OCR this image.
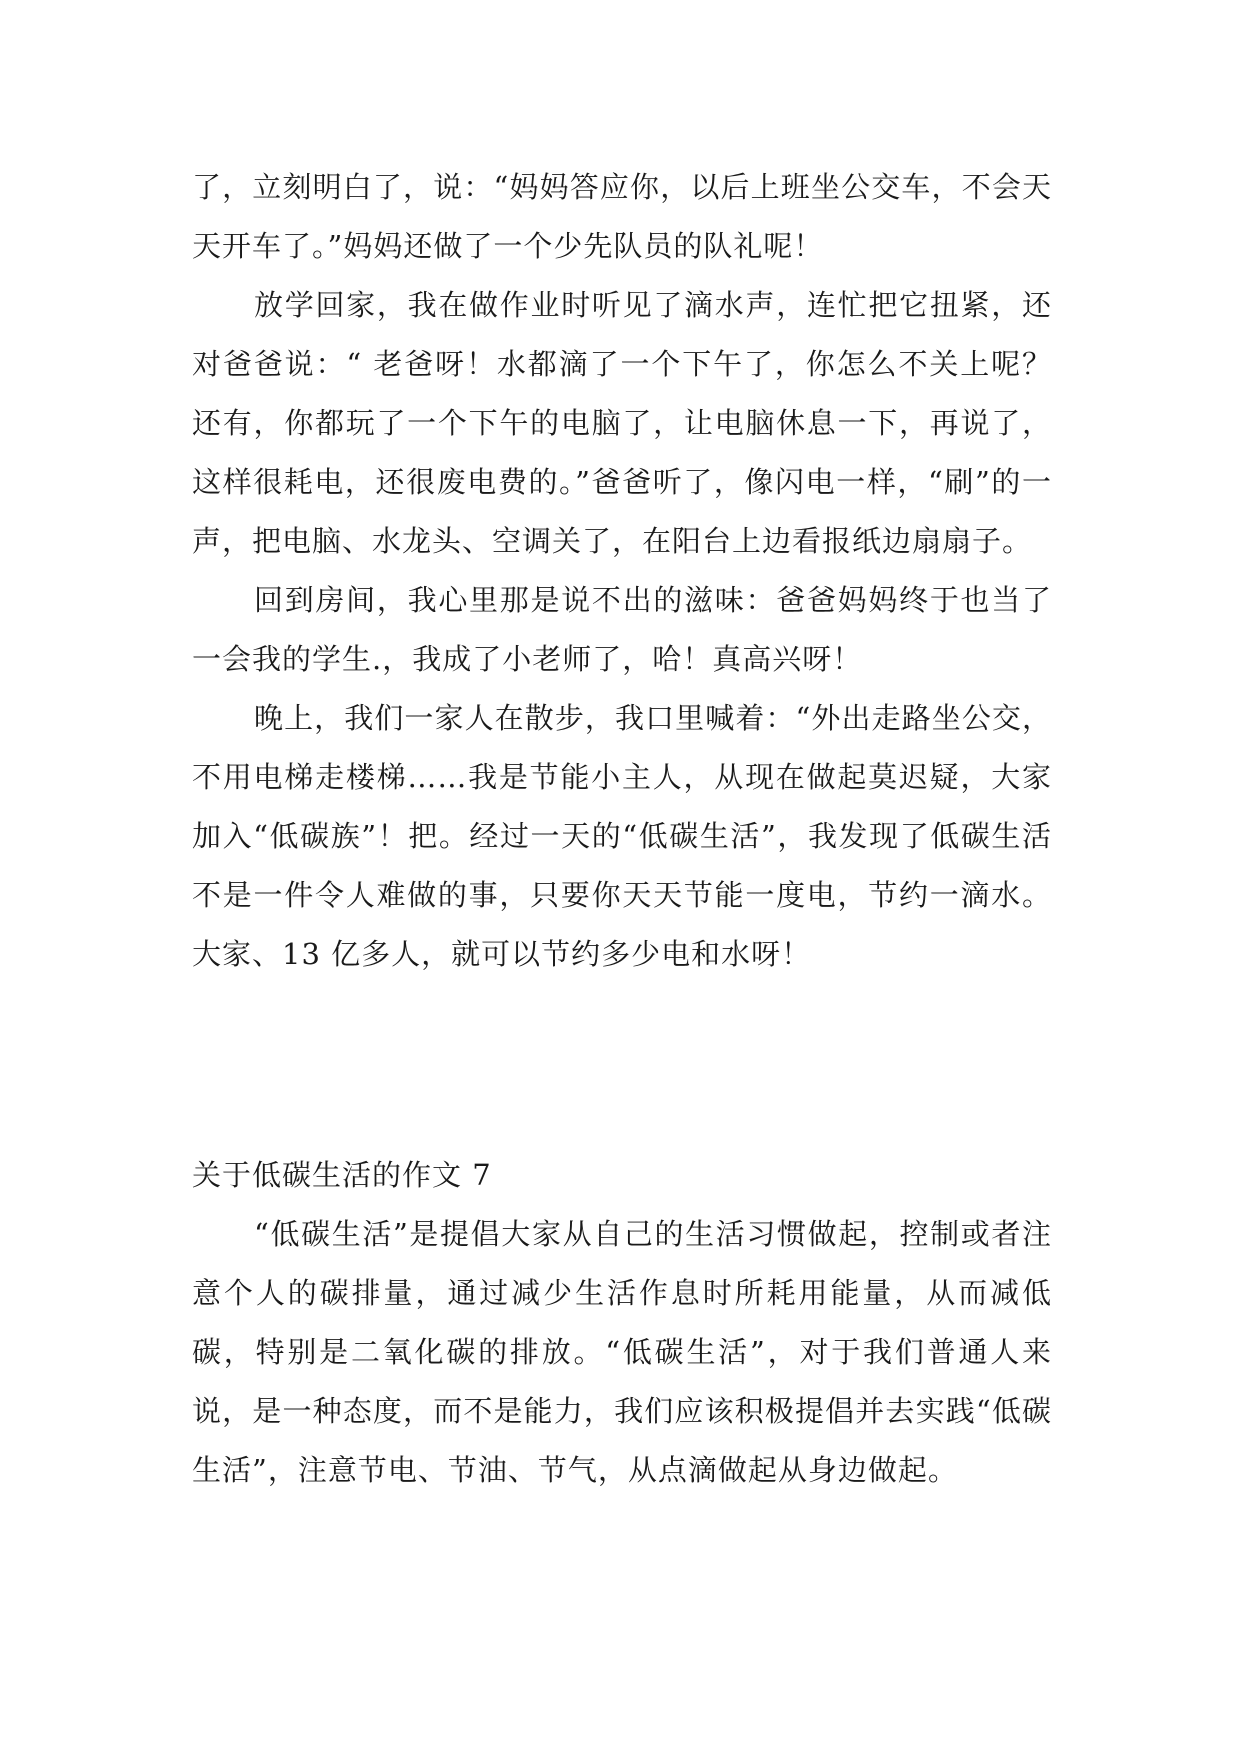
了，立刻明白了，说：“妈妈答应你，以后上班坐公交车，不会天天开车了。”妈妈还做了一个少先队员的队礼呢！

放学回家，我在做作业时听见了滴水声，连忙把它扭紧，还对爸爸说：“ 老爸呀！水都滴了一个下午了，你怎么不关上呢？还有，你都玩了一个下午的电脑了，让电脑休息一下，再说了，这样很耗电，还很废电费的。”爸爸听了，像闪电一样，“刷”的一声，把电脑、水龙头、空调关了，在阳台上边看报纸边扇扇子。

回到房间，我心里那是说不出的滋味：爸爸妈妈终于也当了一会我的学生.，我成了小老师了，哈！真高兴呀！

晚上，我们一家人在散步，我口里喊着：“外出走路坐公交，不用电梯走楼梯……我是节能小主人，从现在做起莫迟疑，大家加入“低碳族”！把。经过一天的“低碳生活”，我发现了低碳生活不是一件令人难做的事，只要你天天节能一度电，节约一滴水。大家、13 亿多人，就可以节约多少电和水呀！

关于低碳生活的作文 7

“低碳生活”是提倡大家从自己的生活习惯做起，控制或者注意个人的碳排量，通过减少生活作息时所耗用能量，从而减低碳，特别是二氧化碳的排放。“低碳生活”，对于我们普通人来说，是一种态度，而不是能力，我们应该积极提倡并去实践“低碳生活”，注意节电、节油、节气，从点滴做起从身边做起。
